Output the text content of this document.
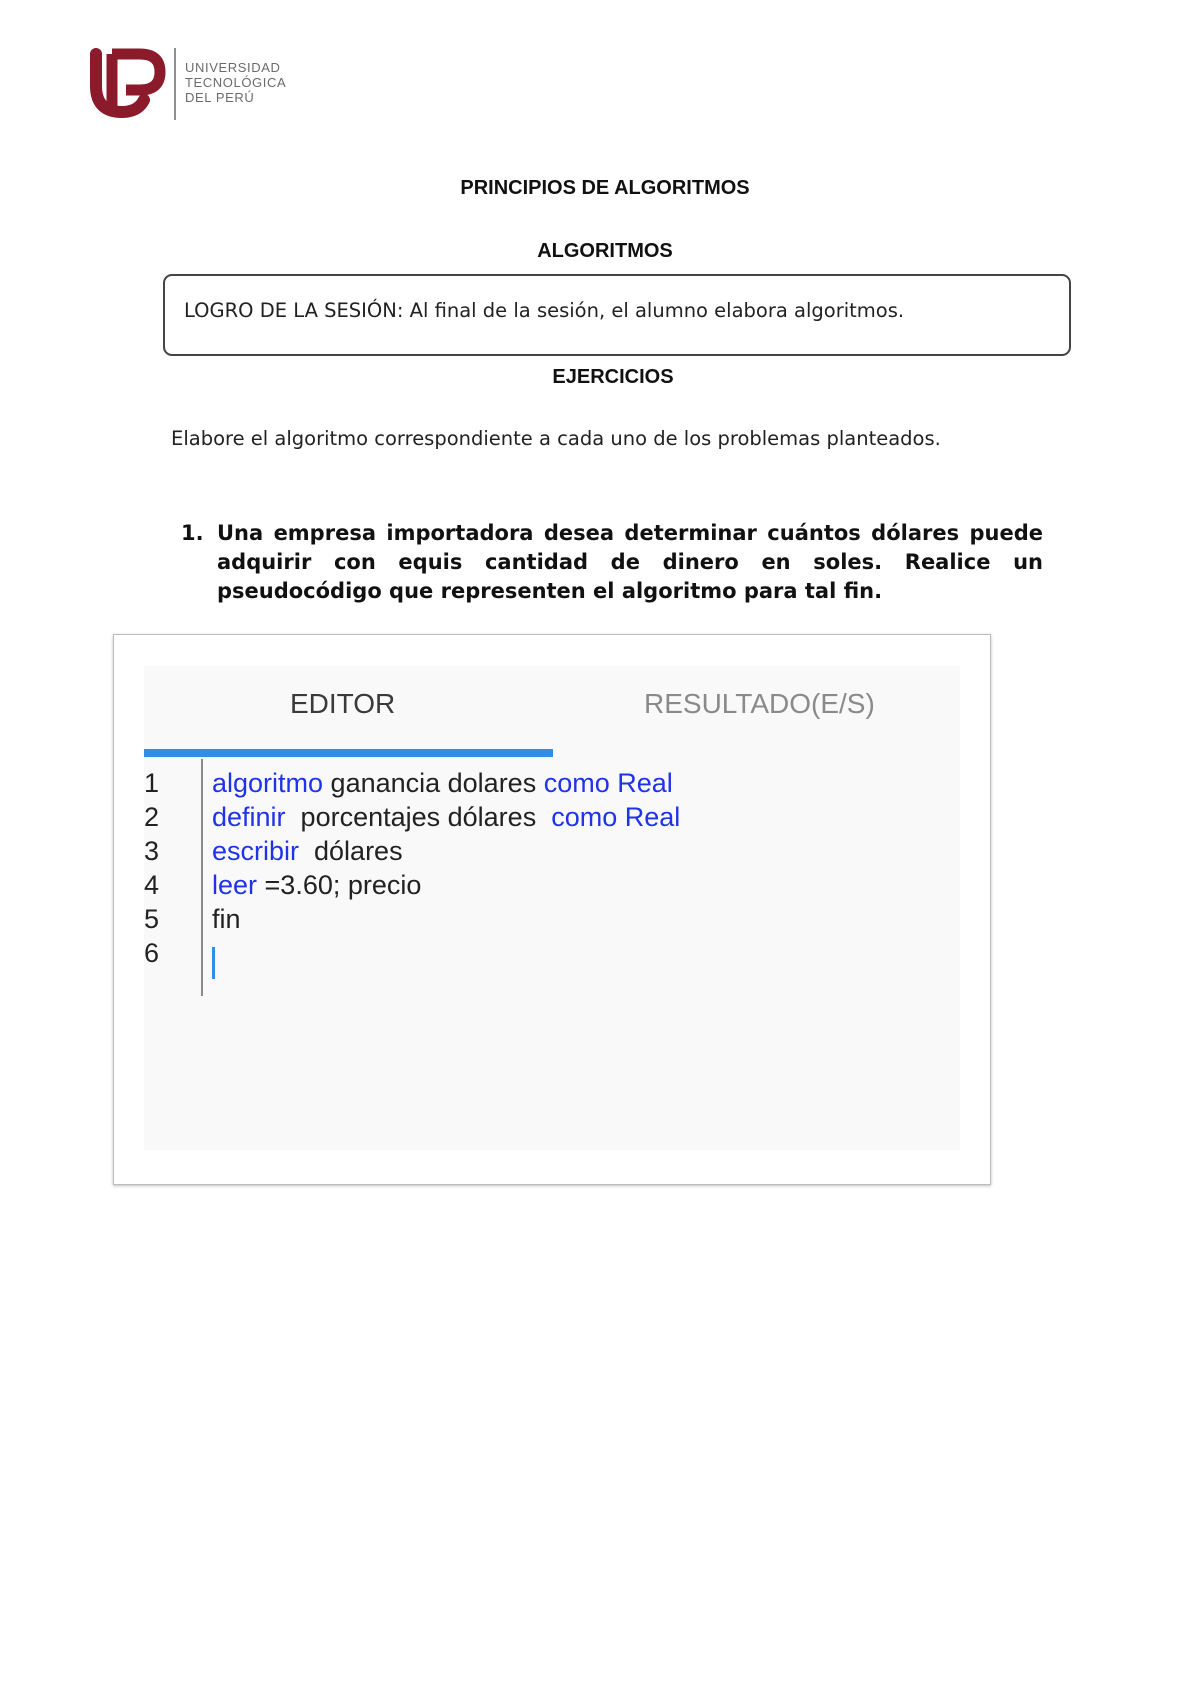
UNIVERSIDAD
TECNOLÓGICA
DEL PERÚ
PRINCIPIOS DE ALGORITMOS
ALGORITMOS
LOGRO DE LA SESIÓN: Al final de la sesión, el alumno elabora algoritmos.
EJERCICIOS
Elabore el algoritmo correspondiente a cada uno de los problemas planteados.
1. Una empresa importadora desea determinar cuántos dólares puede adquirir con equis cantidad de dinero en soles. Realice un pseudocódigo que representen el algoritmo para tal fin.
EDITOR	RESULTADO(E/S)
1
2
3
4
5
6
algoritmo ganancia dolares como Real
definir  porcentajes dólares  como Real
escribir  dólares
leer =3.60; precio
fin
